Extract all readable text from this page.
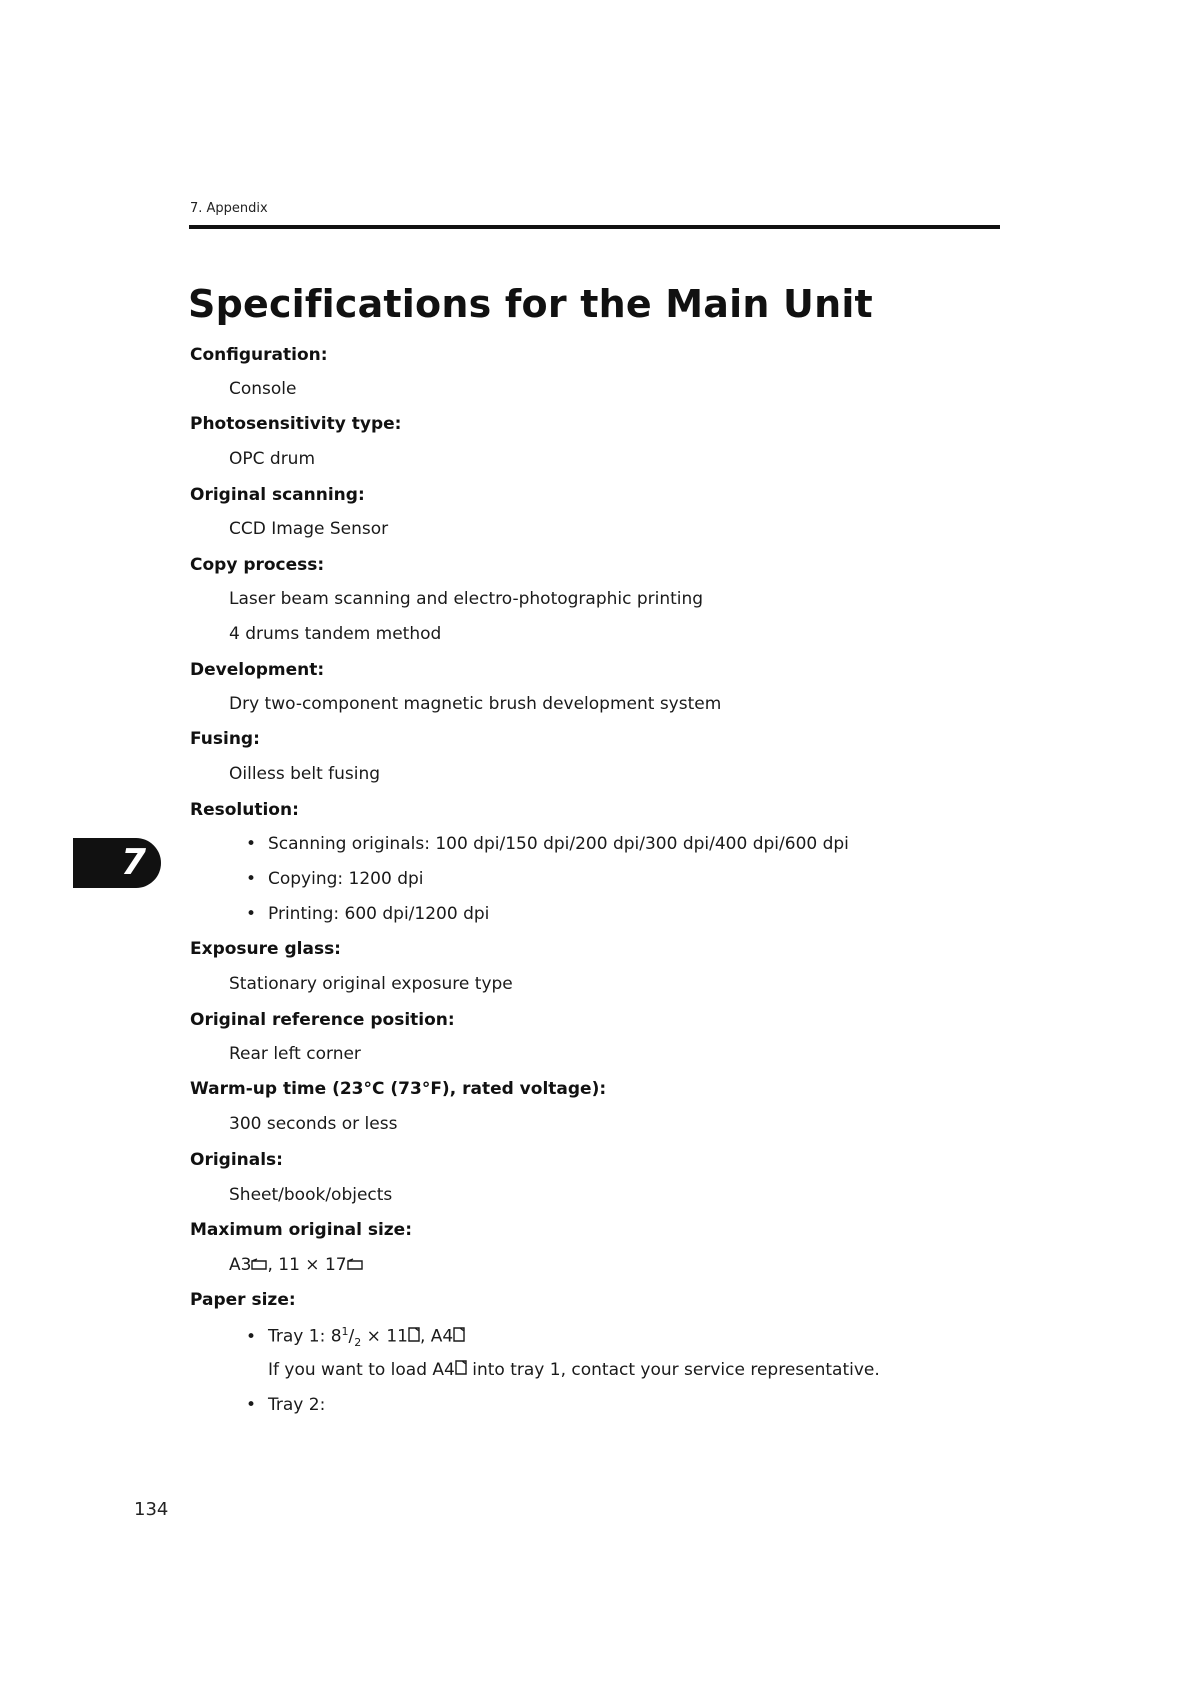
7. Appendix
Specifications for the Main Unit
7
Configuration:
Console
Photosensitivity type:
OPC drum
Original scanning:
CCD Image Sensor
Copy process:
Laser beam scanning and electro-photographic printing
4 drums tandem method
Development:
Dry two-component magnetic brush development system
Fusing:
Oilless belt fusing
Resolution:
• Scanning originals: 100 dpi/150 dpi/200 dpi/300 dpi/400 dpi/600 dpi
• Copying: 1200 dpi
• Printing: 600 dpi/1200 dpi
Exposure glass:
Stationary original exposure type
Original reference position:
Rear left corner
Warm-up time (23°C (73°F), rated voltage):
300 seconds or less
Originals:
Sheet/book/objects
Maximum original size:
A3 , 11 × 17
Paper size:
• Tray 1: $8^1/_2 \times 11$ , A4
If you want to load A4 into tray 1, contact your service representative.
• Tray 2:
134
